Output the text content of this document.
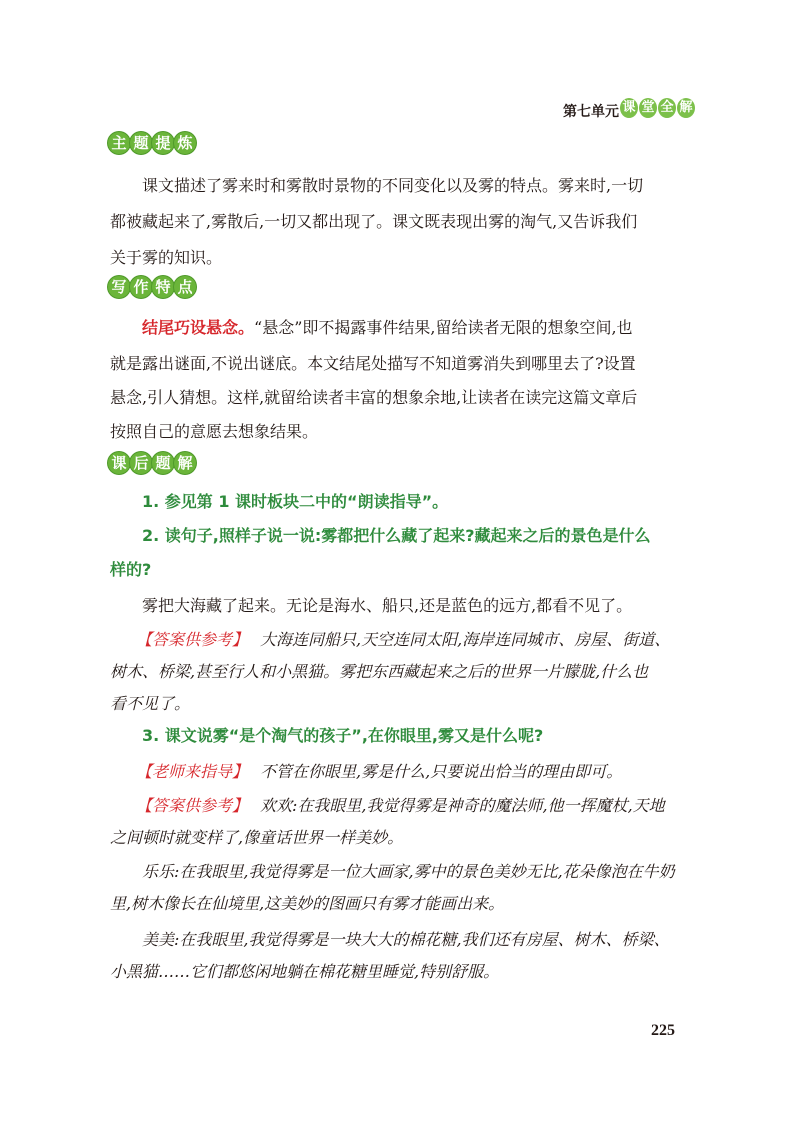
第七单元 课 堂 全 解
主 题 提 炼
课文描述了雾来时和雾散时景物的不同变化以及雾的特点。雾来时,一切
都被藏起来了,雾散后,一切又都出现了。课文既表现出雾的淘气,又告诉我们
关于雾的知识。
写 作 特 点
结尾巧设悬念。“悬念”即不揭露事件结果,留给读者无限的想象空间,也
就是露出谜面,不说出谜底。本文结尾处描写不知道雾消失到哪里去了?设置
悬念,引人猜想。这样,就留给读者丰富的想象余地,让读者在读完这篇文章后
按照自己的意愿去想象结果。
课 后 题 解
1. 参见第 1 课时板块二中的“朗读指导”。
2. 读句子,照样子说一说:雾都把什么藏了起来?藏起来之后的景色是什么
样的?
雾把大海藏了起来。无论是海水、船只,还是蓝色的远方,都看不见了。
【答案供参考】 大海连同船只,天空连同太阳,海岸连同城市、房屋、街道、
树木、桥梁,甚至行人和小黑猫。雾把东西藏起来之后的世界一片朦胧,什么也
看不见了。
3. 课文说雾“是个淘气的孩子”,在你眼里,雾又是什么呢?
【老师来指导】 不管在你眼里,雾是什么,只要说出恰当的理由即可。
【答案供参考】 欢欢:在我眼里,我觉得雾是神奇的魔法师,他一挥魔杖,天地
之间顿时就变样了,像童话世界一样美妙。
乐乐:在我眼里,我觉得雾是一位大画家,雾中的景色美妙无比,花朵像泡在牛奶
里,树木像长在仙境里,这美妙的图画只有雾才能画出来。
美美:在我眼里,我觉得雾是一块大大的棉花糖,我们还有房屋、树木、桥梁、
小黑猫……它们都悠闲地躺在棉花糖里睡觉,特别舒服。
225
